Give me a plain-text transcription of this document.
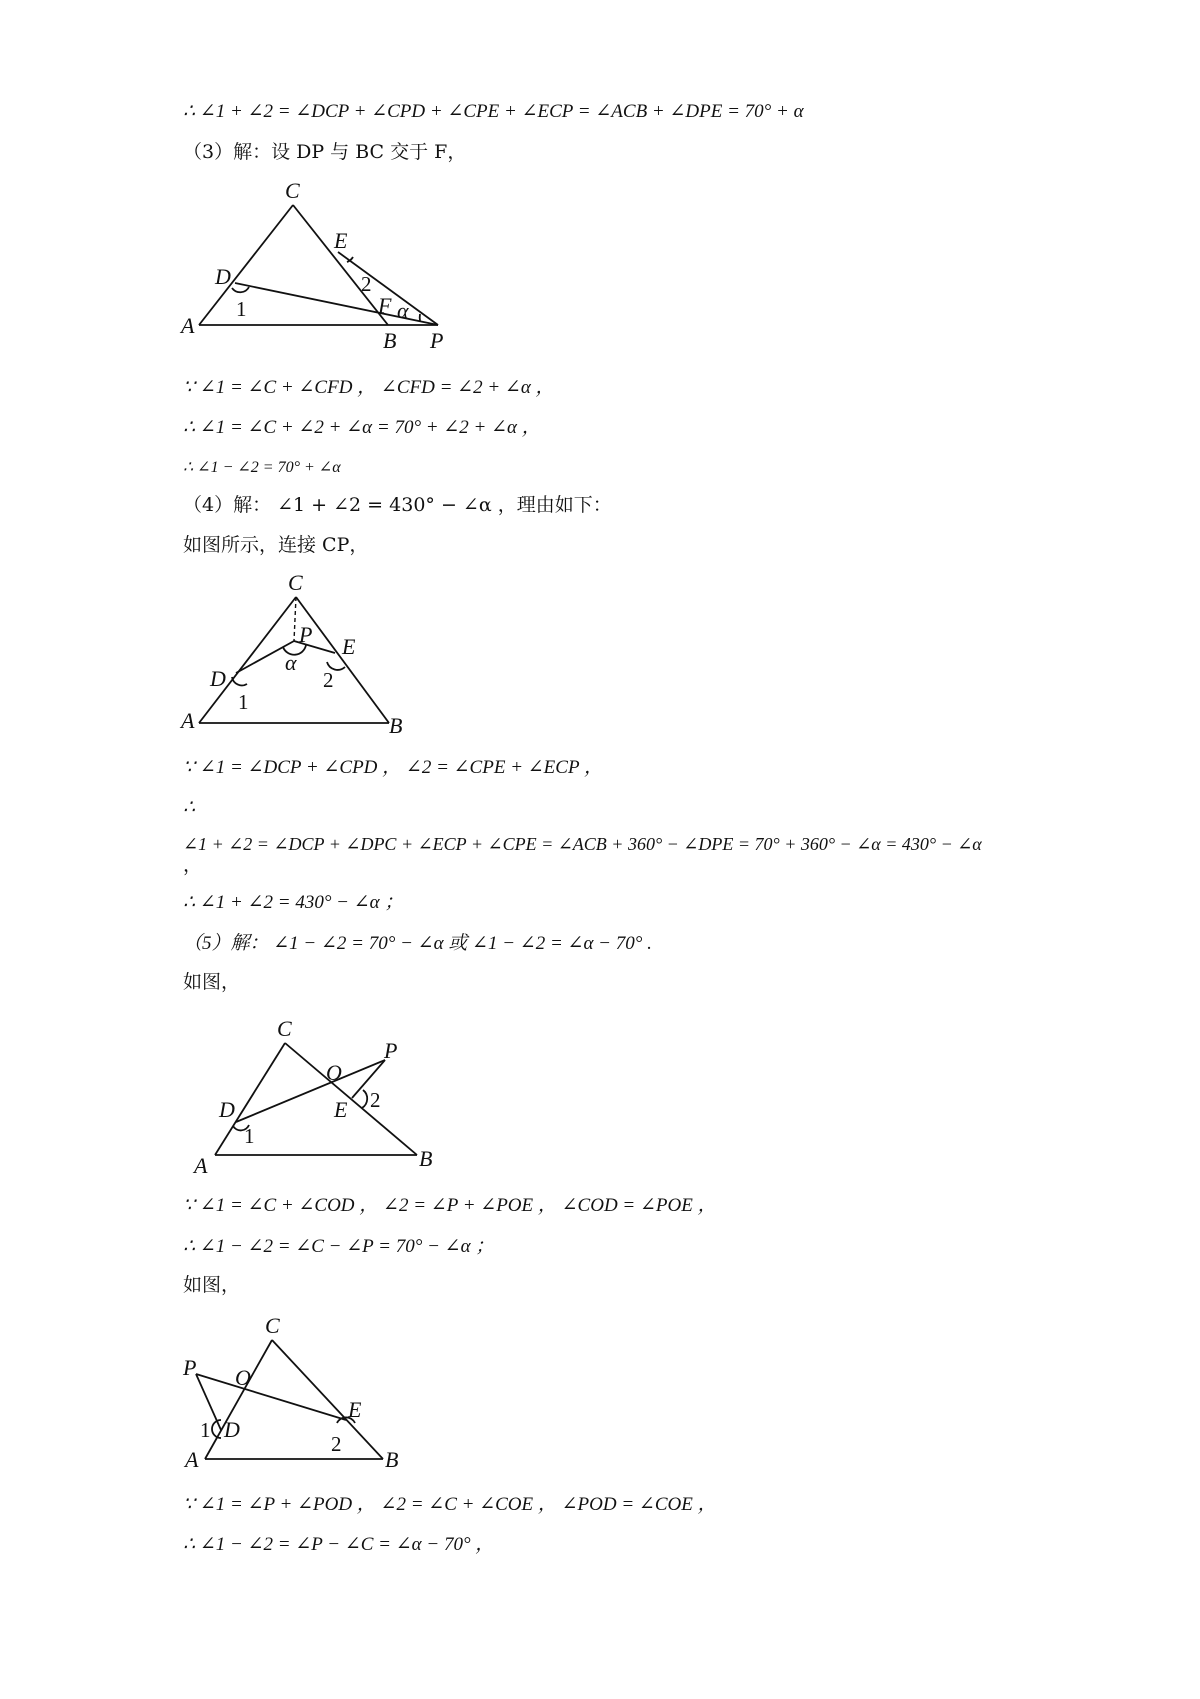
∴ ∠1 + ∠2 = ∠DCP + ∠CPD + ∠CPE + ∠ECP = ∠ACB + ∠DPE = 70° + α
（3）解：设 DP 与 BC 交于 F，
C
E
D
A
B P
F
1
2
α
∵ ∠1 = ∠C + ∠CFD ， ∠CFD = ∠2 + ∠α ，
∴ ∠1 = ∠C + ∠2 + ∠α = 70° + ∠2 + ∠α ，
∴ ∠1 − ∠2 = 70° + ∠α
（4）解： ∠1 + ∠2 = 430° − ∠α ，理由如下：
如图所示，连接 CP，
C
P E
D
A	B
1
2
α
∵ ∠1 = ∠DCP + ∠CPD ， ∠2 = ∠CPE + ∠ECP ，
∴
∠1 + ∠2 = ∠DCP + ∠DPC + ∠ECP + ∠CPE = ∠ACB + 360° − ∠DPE = 70° + 360° − ∠α = 430° − ∠α
，
∴ ∠1 + ∠2 = 430° − ∠α ；
（5）解： ∠1 − ∠2 = 70° − ∠α 或 ∠1 − ∠2 = ∠α − 70° .
如图，
C
O
P
D	E
A	B
1
2
∵ ∠1 = ∠C + ∠COD ， ∠2 = ∠P + ∠POE ， ∠COD = ∠POE ，
∴ ∠1 − ∠2 = ∠C − ∠P = 70° − ∠α ；
如图，
C
P O
D
E
A	B
1
2
∵ ∠1 = ∠P + ∠POD ， ∠2 = ∠C + ∠COE ， ∠POD = ∠COE ，
∴ ∠1 − ∠2 = ∠P − ∠C = ∠α − 70° ，
